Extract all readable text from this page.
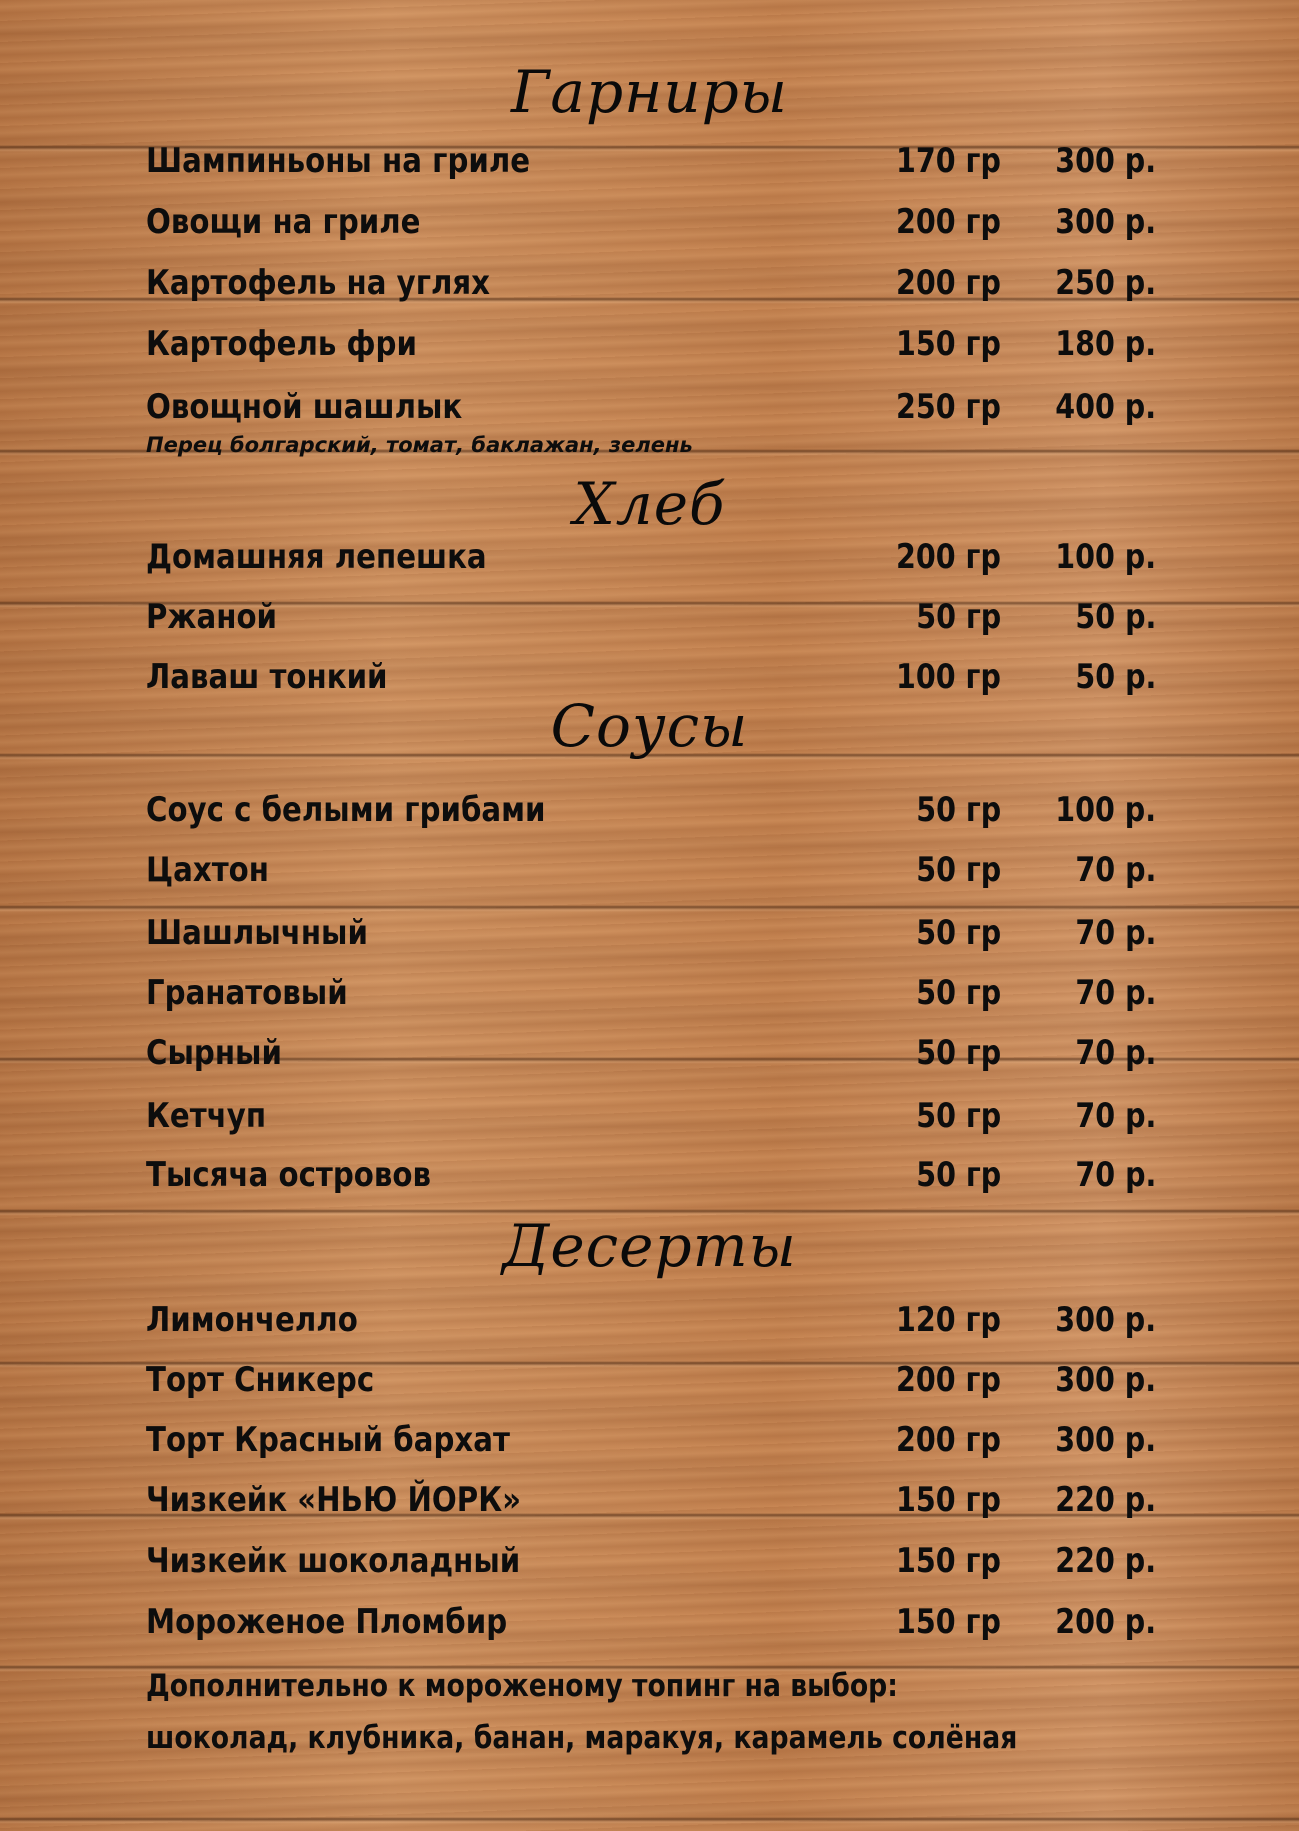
Гарниры
Шампиньоны на гриле	170 гр 300 р.
Овощи на гриле	200 гр 300 р.
Картофель на углях	200 гр 250 р.
Картофель фри	150 гр 180 р.
Овощной шашлык	250 гр 400 р.
Перец болгарский, томат, баклажан, зелень
Хлеб
Домашняя лепешка	200 гр 100 р.
Ржаной	50 гр 50 р.
Лаваш тонкий	100 гр 50 р.
Соусы
Соус с белыми грибами	50 гр 100 р.
Цахтон	50 гр 70 р.
Шашлычный	50 гр 70 р.
Гранатовый	50 гр 70 р.
Сырный	50 гр 70 р.
Кетчуп	50 гр 70 р.
Тысяча островов	50 гр 70 р.
Десерты
Лимончелло	120 гр 300 р.
Торт Сникерс	200 гр 300 р.
Торт Красный бархат	200 гр 300 р.
Чизкейк «НЬЮ ЙОРК»	150 гр 220 р.
Чизкейк шоколадный	150 гр 220 р.
Мороженое Пломбир	150 гр 200 р.
Дополнительно к мороженому топинг на выбор:
шоколад, клубника, банан, маракуя, карамель солёная
